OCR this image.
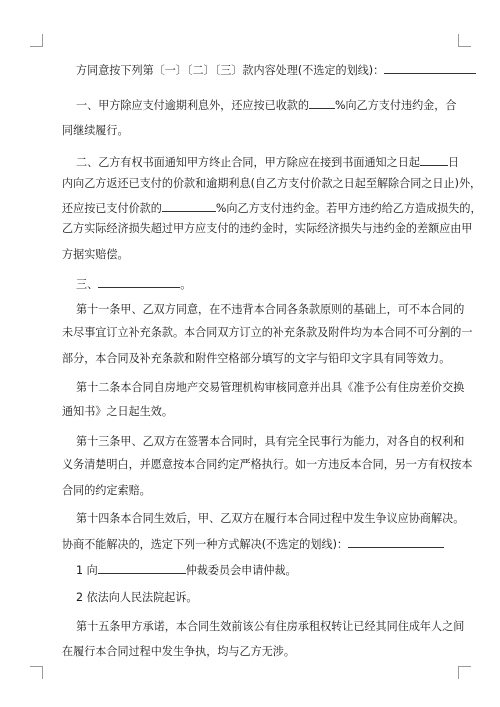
方同意按下列第〔一〕〔二〕〔三〕款内容处理(不选定的划线)：
一、甲方除应支付逾期利息外，还应按已收款的 %向乙方支付违约金，合
同继续履行。
二、乙方有权书面通知甲方终止合同，甲方除应在接到书面通知之日起	日
内向乙方返还已支付的价款和逾期利息(自乙方支付价款之日起至解除合同之日止)外，
还应按已支付价款的	%向乙方支付违约金。若甲方违约给乙方造成损失的，
乙方实际经济损失超过甲方应支付的违约金时，实际经济损失与违约金的差额应由甲
方据实赔偿。
三、	。
第十一条甲、乙双方同意，在不违背本合同各条款原则的基础上，可不本合同的
未尽事宜订立补充条款。本合同双方订立的补充条款及附件均为本合同不可分割的一
部分，本合同及补充条款和附件空格部分填写的文字与铅印文字具有同等效力。
第十二条本合同自房地产交易管理机构审核同意并出具《准予公有住房差价交换
通知书》之日起生效。
第十三条甲、乙双方在签署本合同时，具有完全民事行为能力，对各自的权利和
义务清楚明白，并愿意按本合同约定严格执行。如一方违反本合同，另一方有权按本
合同的约定索赔。
第十四条本合同生效后，甲、乙双方在履行本合同过程中发生争议应协商解决。
协商不能解决的，选定下列一种方式解决(不选定的划线)：
1 向	仲裁委员会申请仲裁。
2 依法向人民法院起诉。
第十五条甲方承诺，本合同生效前该公有住房承租权转让已经其同住成年人之间
在履行本合同过程中发生争执，均与乙方无涉。
